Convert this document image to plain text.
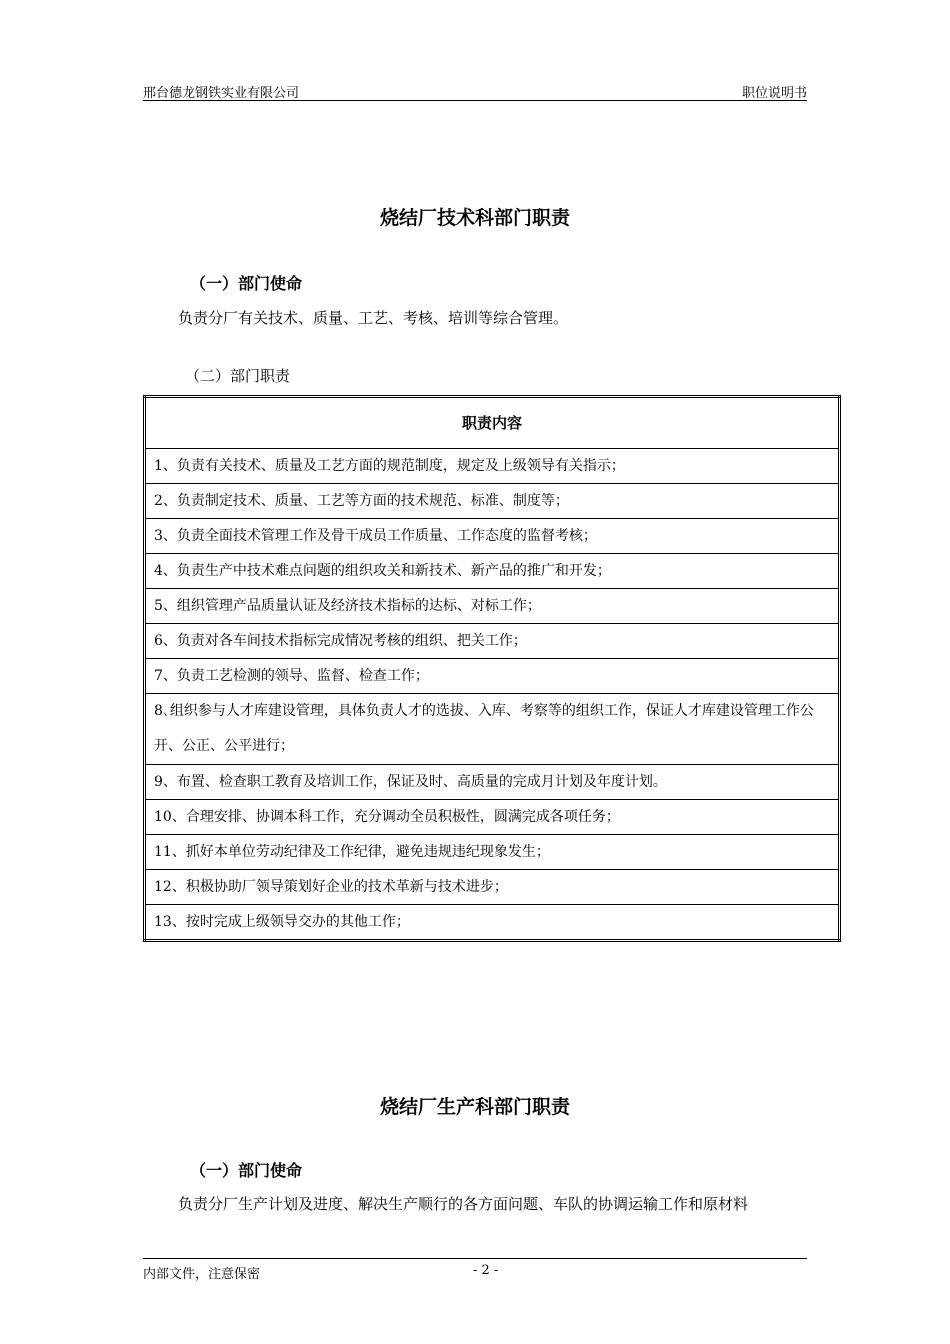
邢台德龙钢铁实业有限公司	职位说明书
烧结厂技术科部门职责
（一）部门使命
负责分厂有关技术、质量、工艺、考核、培训等综合管理。
（二）部门职责
职责内容
1、负责有关技术、质量及工艺方面的规范制度，规定及上级领导有关指示；
2、负责制定技术、质量、工艺等方面的技术规范、标准、制度等；
3、负责全面技术管理工作及骨干成员工作质量、工作态度的监督考核；
4、负责生产中技术难点问题的组织攻关和新技术、新产品的推广和开发；
5、组织管理产品质量认证及经济技术指标的达标、对标工作；
6、负责对各车间技术指标完成情况考核的组织、把关工作；
7、负责工艺检测的领导、监督、检查工作；
8､组织参与人才库建设管理，具体负责人才的选拔、入库、考察等的组织工作，保证人才库建设管理工作公开、公正、公平进行；
9、布置、检查职工教育及培训工作，保证及时、高质量的完成月计划及年度计划。
10、合理安排、协调本科工作，充分调动全员积极性，圆满完成各项任务；
11、抓好本单位劳动纪律及工作纪律，避免违规违纪现象发生；
12、积极协助厂领导策划好企业的技术革新与技术进步；
13、按时完成上级领导交办的其他工作；
烧结厂生产科部门职责
（一）部门使命
负责分厂生产计划及进度、解决生产顺行的各方面问题、车队的协调运输工作和原材料
内部文件，注意保密	- 2 -
